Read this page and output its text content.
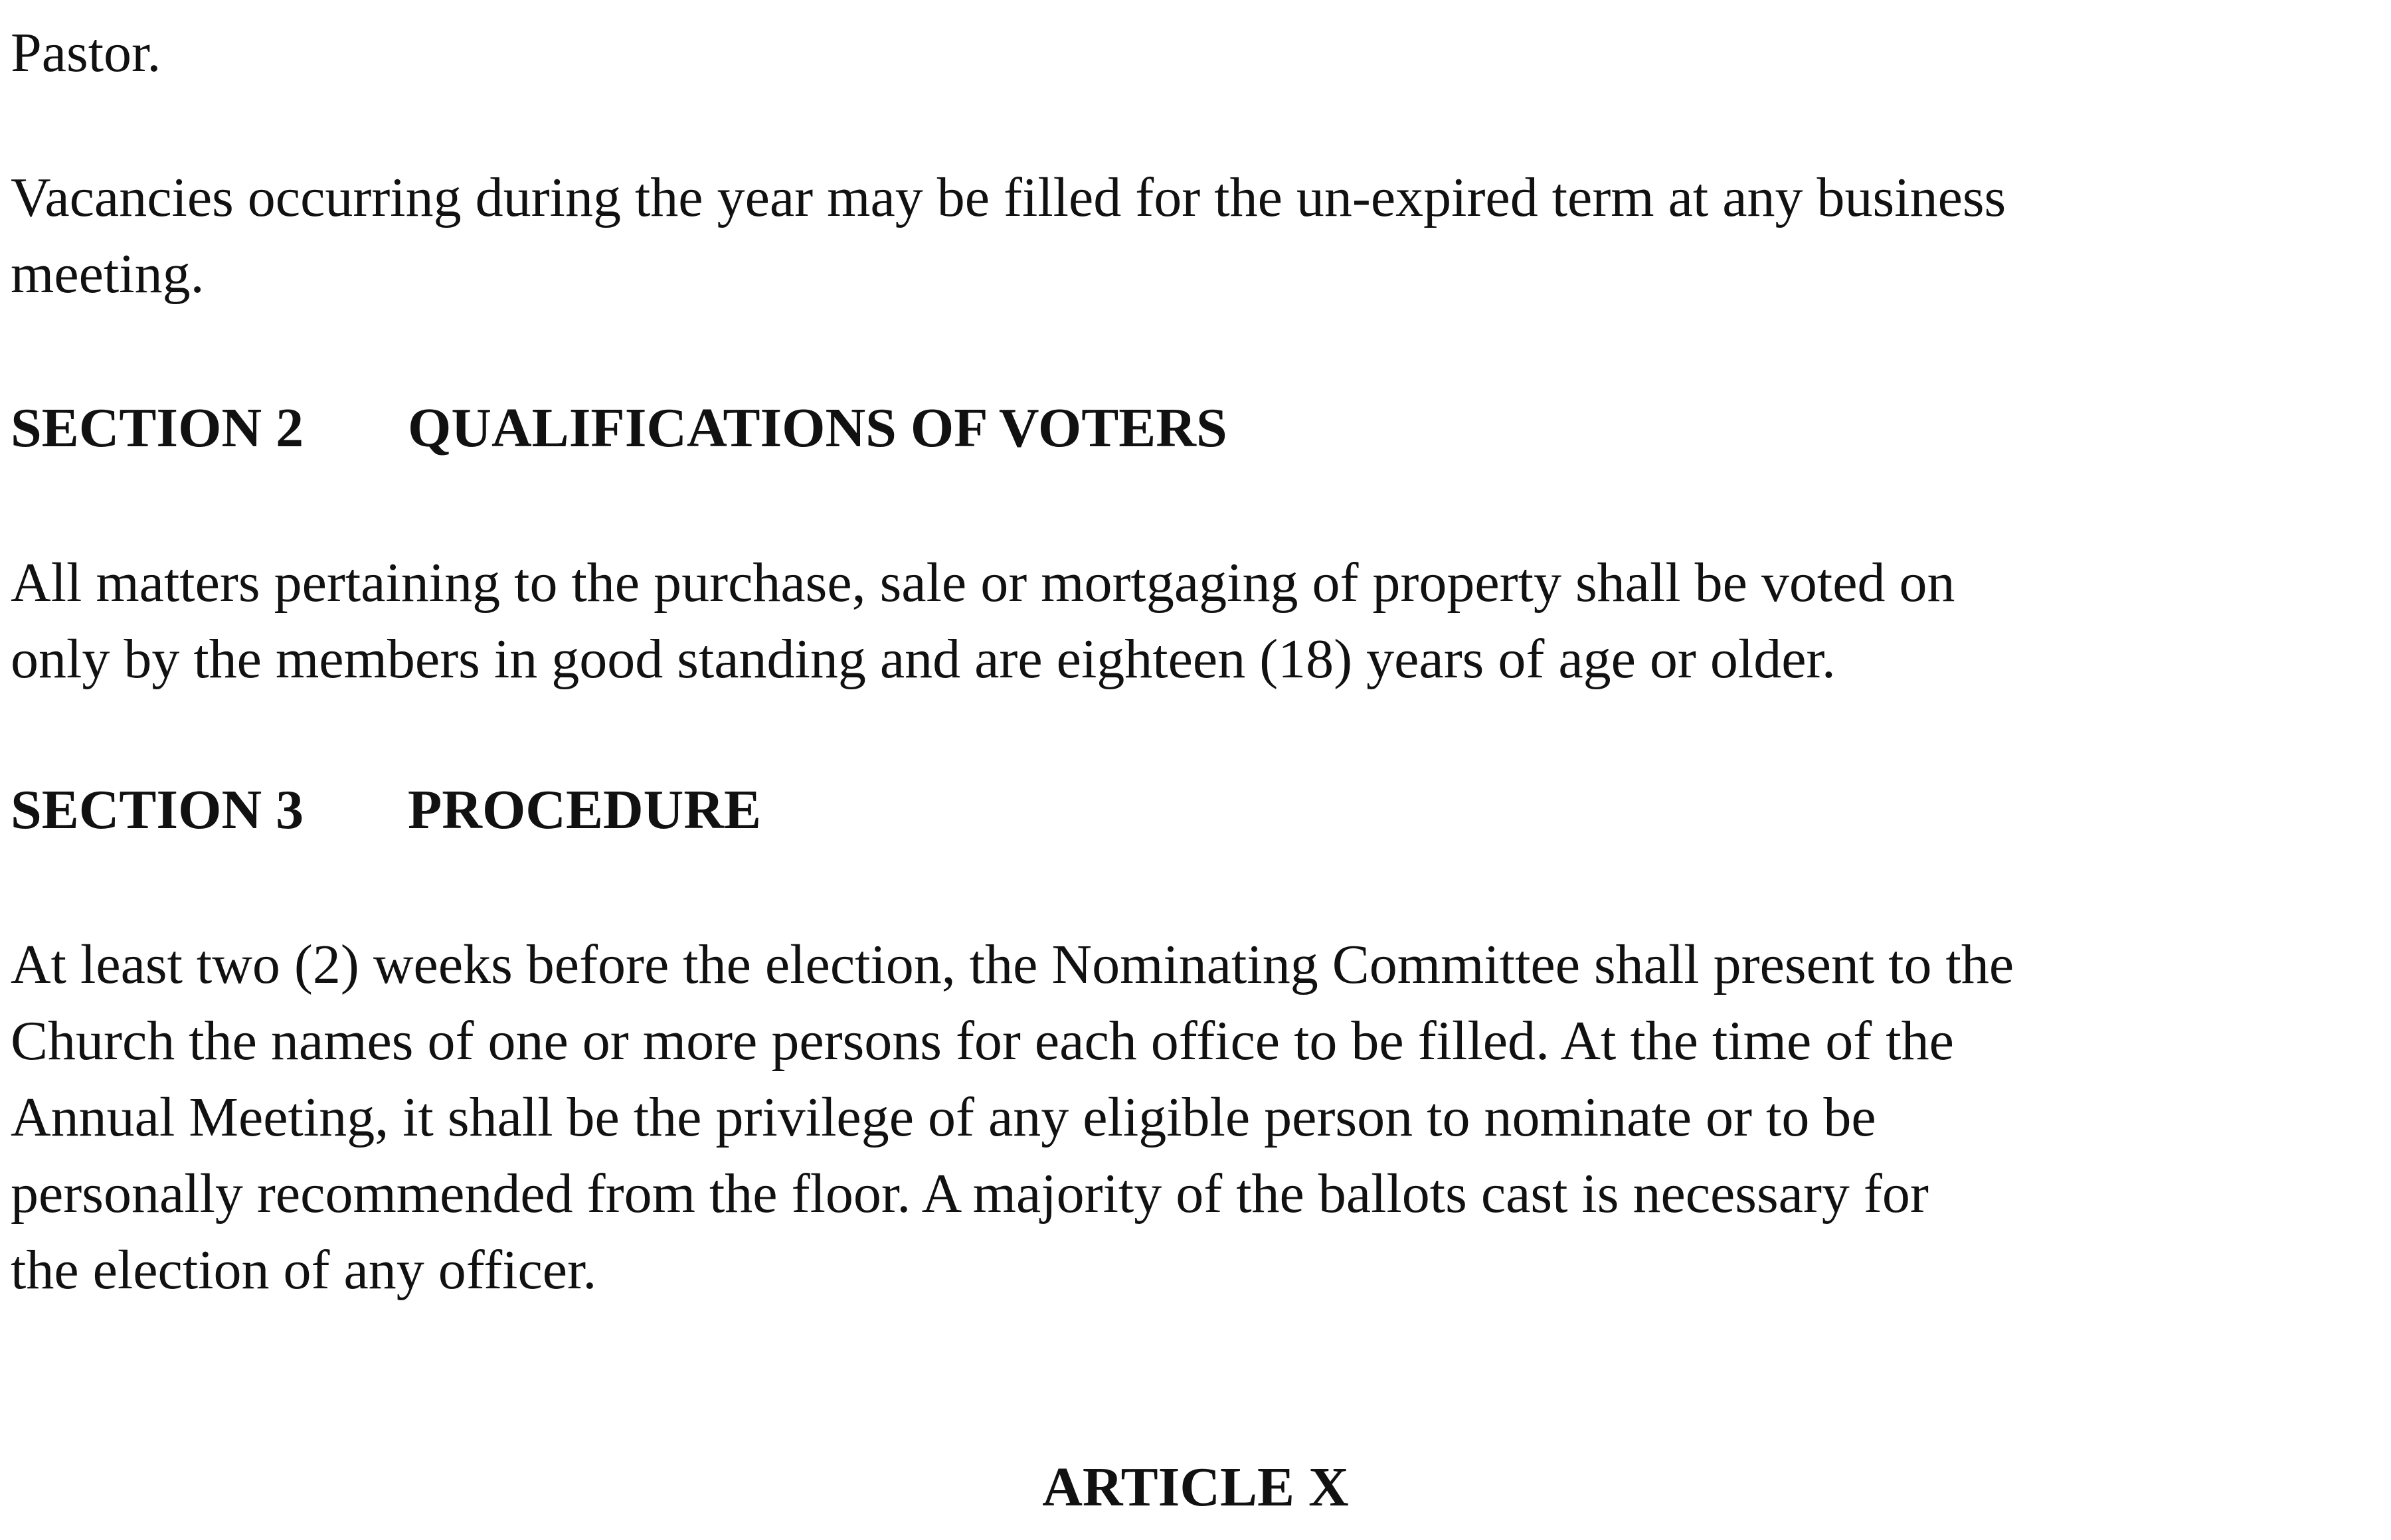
Pastor.

Vacancies occurring during the year may be filled for the un-expired term at any business
meeting.

SECTION 2 QUALIFICATIONS OF VOTERS

All matters pertaining to the purchase, sale or mortgaging of property shall be voted on
only by the members in good standing and are eighteen (18) years of age or older.

SECTION 3 PROCEDURE

At least two (2) weeks before the election, the Nominating Committee shall present to the
Church the names of one or more persons for each office to be filled. At the time of the
Annual Meeting, it shall be the privilege of any eligible person to nominate or to be
personally recommended from the floor. A majority of the ballots cast is necessary for
the election of any officer.

ARTICLE X
